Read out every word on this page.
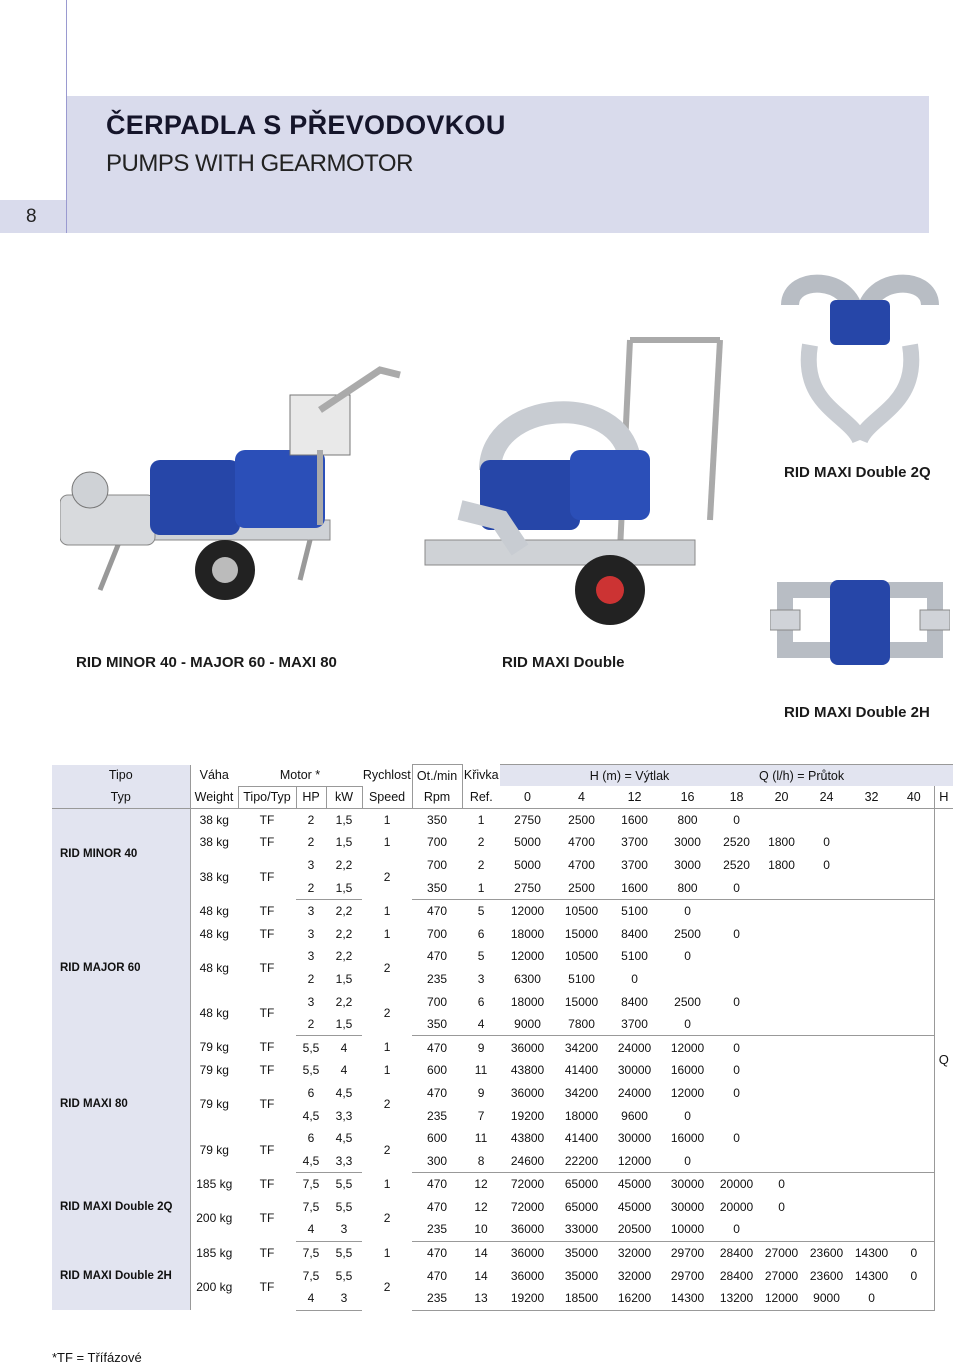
ČERPADLA S PŘEVODOVKOU
PUMPS WITH GEARMOTOR
8
RID MAXI Double 2Q
RID MINOR 40 - MAJOR 60 - MAXI 80	RID MAXI Double
RID MAXI Double 2H
Tipo	Váha	Motor *			Rychlost	Ot./min	Křivka	H (m) = Výtlak					Q (l/h) = Průtok				
Typ	Weight	Tipo/Typ	HP	kW	Speed	Rpm	Ref.	0	4	12	16	18	20	24	32	40	H
RID MINOR 40	38 kg	TF	2	1,5	1	350	1	2750	2500	1600	800	0					Q
	38 kg	TF	2	1,5	1	700	2	5000	4700	3700	3000	2520	1800	0			
	38 kg	TF	3	2,2	2	700	2	5000	4700	3700	3000	2520	1800	0			
			2	1,5		350	1	2750	2500	1600	800	0					
RID MAJOR 60	48 kg	TF	3	2,2	1	470	5	12000	10500	5100	0						
	48 kg	TF	3	2,2	1	700	6	18000	15000	8400	2500	0					
	48 kg	TF	3	2,2	2	470	5	12000	10500	5100	0						
			2	1,5		235	3	6300	5100	0							
	48 kg	TF	3	2,2	2	700	6	18000	15000	8400	2500	0					
			2	1,5		350	4	9000	7800	3700	0						
RID MAXI 80	79 kg	TF	5,5	4	1	470	9	36000	34200	24000	12000	0					
	79 kg	TF	5,5	4	1	600	11	43800	41400	30000	16000	0					
	79 kg	TF	6	4,5	2	470	9	36000	34200	24000	12000	0					
			4,5	3,3		235	7	19200	18000	9600	0						
	79 kg	TF	6	4,5	2	600	11	43800	41400	30000	16000	0					
			4,5	3,3		300	8	24600	22200	12000	0						
RID MAXI Double 2Q	185 kg	TF	7,5	5,5	1	470	12	72000	65000	45000	30000	20000	0				
	200 kg	TF	7,5	5,5	2	470	12	72000	65000	45000	30000	20000	0				
			4	3		235	10	36000	33000	20500	10000	0					
RID MAXI Double 2H	185 kg	TF	7,5	5,5	1	470	14	36000	35000	32000	29700	28400	27000	23600	14300	0	
	200 kg	TF	7,5	5,5	2	470	14	36000	35000	32000	29700	28400	27000	23600	14300	0	
			4	3		235	13	19200	18500	16200	14300	13200	12000	9000	0		
*TF = Třífázové
